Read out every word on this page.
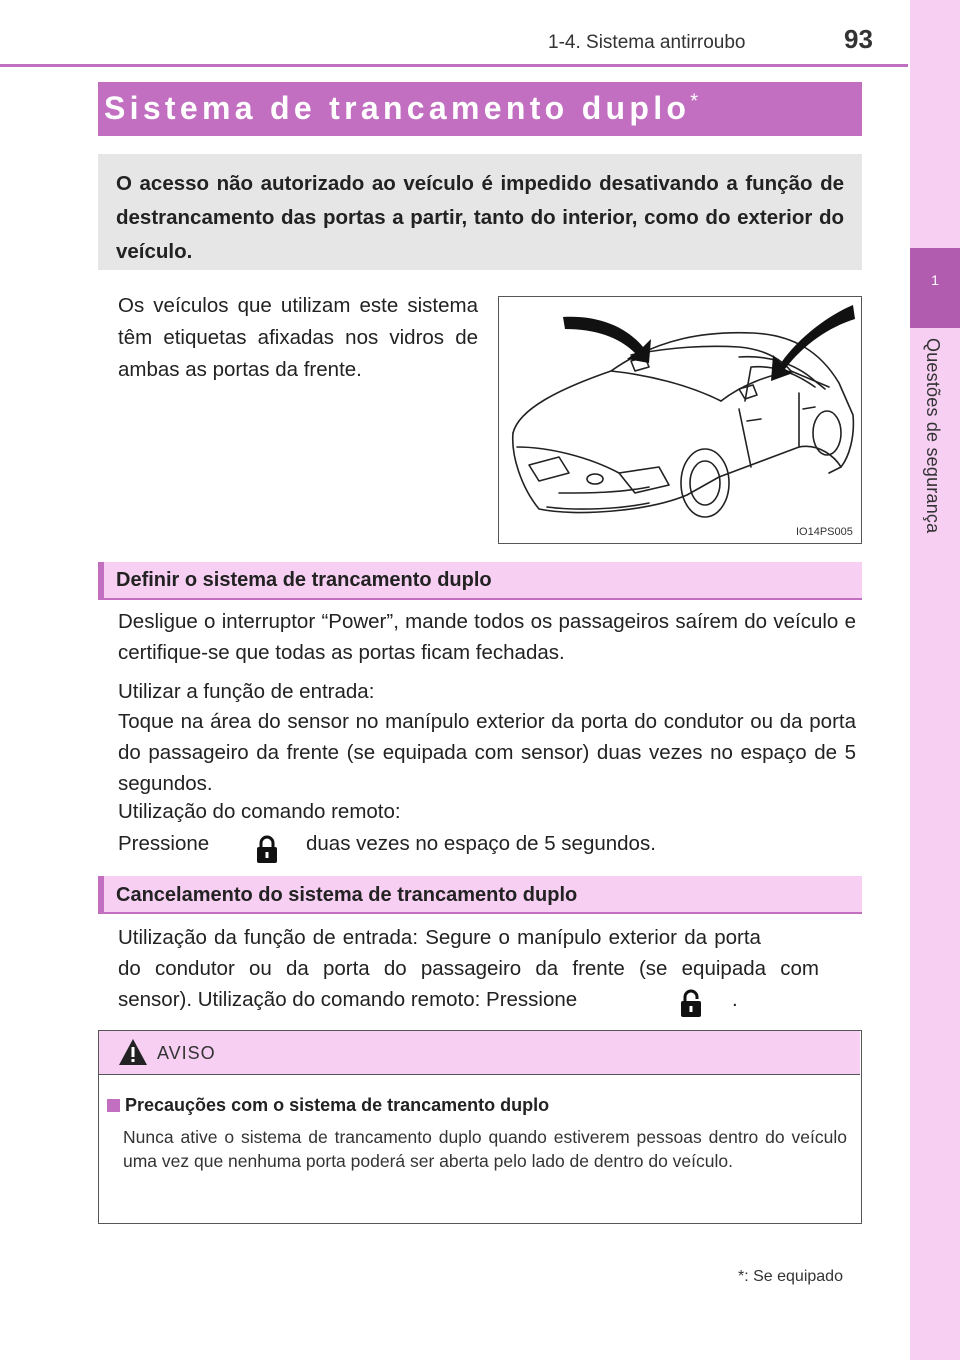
1-4. Sistema antirroubo	93
1
Questões de segurança
Sistema de trancamento duplo*
O acesso não autorizado ao veículo é impedido desativando a função de destrancamento das portas a partir, tanto do interior, como do exterior do veículo.
Os veículos que utilizam este sistema têm etiquetas afixadas nos vidros de ambas as portas da frente.
IO14PS005
Definir o sistema de trancamento duplo
Desligue o interruptor “Power”, mande todos os passageiros saírem do veículo e certifique-se que todas as portas ficam fechadas.
Utilizar a função de entrada:
Toque na área do sensor no manípulo exterior da porta do condutor ou da porta do passageiro da frente (se equipada com sensor) duas vezes no espaço de 5 segundos.
Utilização do comando remoto:
Pressione	duas vezes no espaço de 5 segundos.
Cancelamento do sistema de trancamento duplo
Utilização da função de entrada: Segure o manípulo exterior da porta
do condutor ou da porta do passageiro da frente (se equipada com
sensor). Utilização do comando remoto: Pressione	.
AVISO
Precauções com o sistema de trancamento duplo
Nunca ative o sistema de trancamento duplo quando estiverem pessoas dentro do veículo uma vez que nenhuma porta poderá ser aberta pelo lado de dentro do veículo.
*: Se equipado
